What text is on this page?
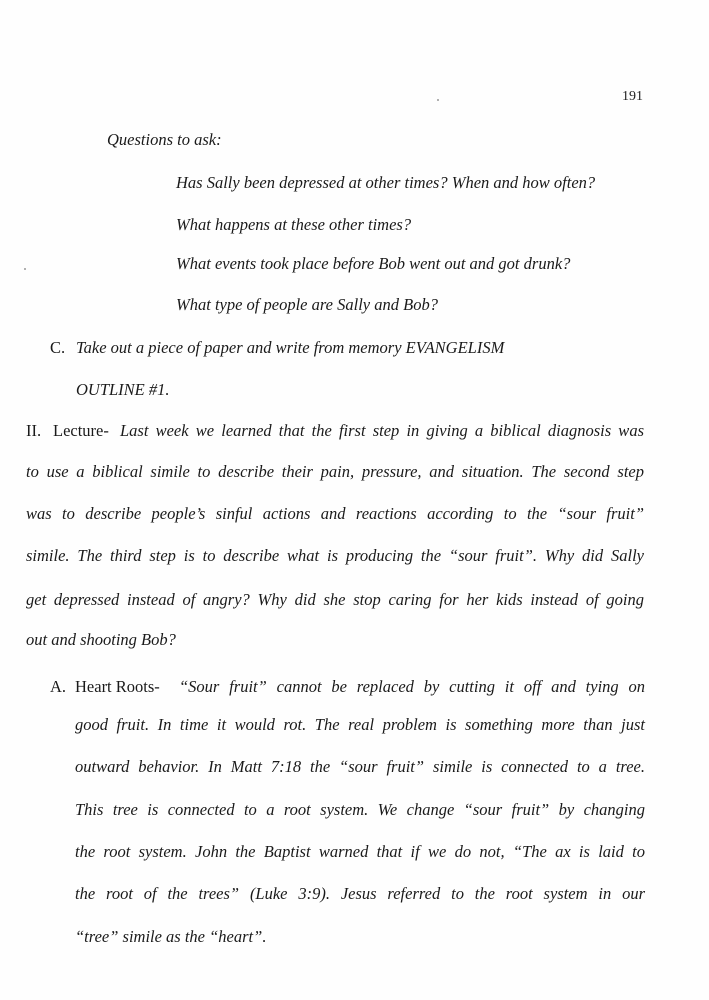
191
Questions to ask:
Has Sally been depressed at other times? When and how often?
What happens at these other times?
What events took place before Bob went out and got drunk?
What type of people are Sally and Bob?
C. Take out a piece of paper and write from memory EVANGELISM
OUTLINE #1.
II. Lecture- Last week we learned that the first step in giving a biblical diagnosis was
to use a biblical simile to describe their pain, pressure, and situation. The second step
was to describe people’s sinful actions and reactions according to the “sour fruit”
simile. The third step is to describe what is producing the “sour fruit”. Why did Sally
get depressed instead of angry? Why did she stop caring for her kids instead of going
out and shooting Bob?
A. Heart Roots- “Sour fruit” cannot be replaced by cutting it off and tying on
good fruit. In time it would rot. The real problem is something more than just
outward behavior. In Matt 7:18 the “sour fruit” simile is connected to a tree.
This tree is connected to a root system. We change “sour fruit” by changing
the root system. John the Baptist warned that if we do not, “The ax is laid to
the root of the trees” (Luke 3:9). Jesus referred to the root system in our
“tree” simile as the “heart”.
